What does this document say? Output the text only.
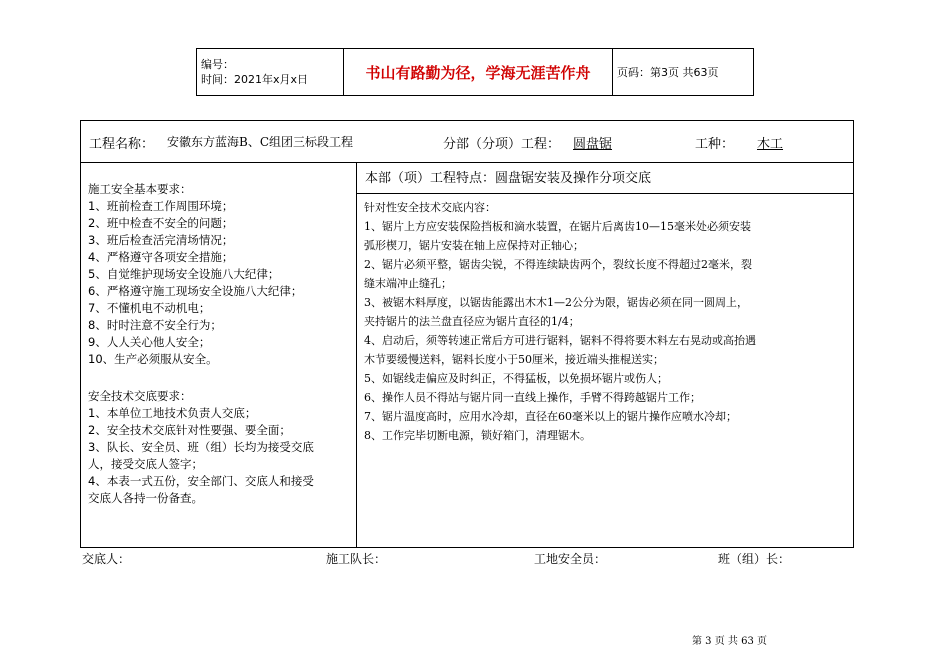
编号：
时间：2021年x月x日	书山有路勤为径，学海无涯苦作舟	页码：第3页 共63页
工程名称： 安徽东方蓝海B、C组团三标段工程	分部（分项）工程： 圆盘锯	工种： 木工
施工安全基本要求：
1、班前检查工作周围环境；
2、班中检查不安全的问题；
3、班后检查活完清场情况；
4、严格遵守各项安全措施；
5、自觉维护现场安全设施八大纪律；
6、严格遵守施工现场安全设施八大纪律；
7、不懂机电不动机电；
8、时时注意不安全行为；
9、人人关心他人安全；
10、生产必须服从安全。
安全技术交底要求：
1、本单位工地技术负责人交底；
2、安全技术交底针对性要强、要全面；
3、队长、安全员、班（组）长均为接受交底
人，接受交底人签字；
4、本表一式五份，安全部门、交底人和接受
交底人各持一份备查。
本部（项）工程特点：圆盘锯安装及操作分项交底
针对性安全技术交底内容：
1、锯片上方应安装保险挡板和滴水装置，在锯片后离齿10—15毫米处必须安装
弧形楔刀，锯片安装在轴上应保持对正轴心；
2、锯片必须平整，锯齿尖锐，不得连续缺齿两个，裂纹长度不得超过2毫米，裂
缝末端冲止缝孔；
3、被锯木料厚度，以锯齿能露出木木1—2公分为限，锯齿必须在同一圆周上，
夹持锯片的法兰盘直径应为锯片直径的1/4；
4、启动后，须等转速正常后方可进行锯料，锯料不得将要木料左右晃动或高抬遇
木节要缓慢送料，锯料长度小于50厘米，接近端头推棍送实；
5、如锯线走偏应及时纠正，不得猛板，以免损坏锯片或伤人；
6、操作人员不得站与锯片同一直线上操作，手臂不得跨越锯片工作；
7、锯片温度高时，应用水冷却，直径在60毫米以上的锯片操作应喷水冷却；
8、工作完毕切断电源，锁好箱门，清理锯木。
交底人：	施工队长：	工地安全员：	班（组）长：
第 3 页 共 63 页
